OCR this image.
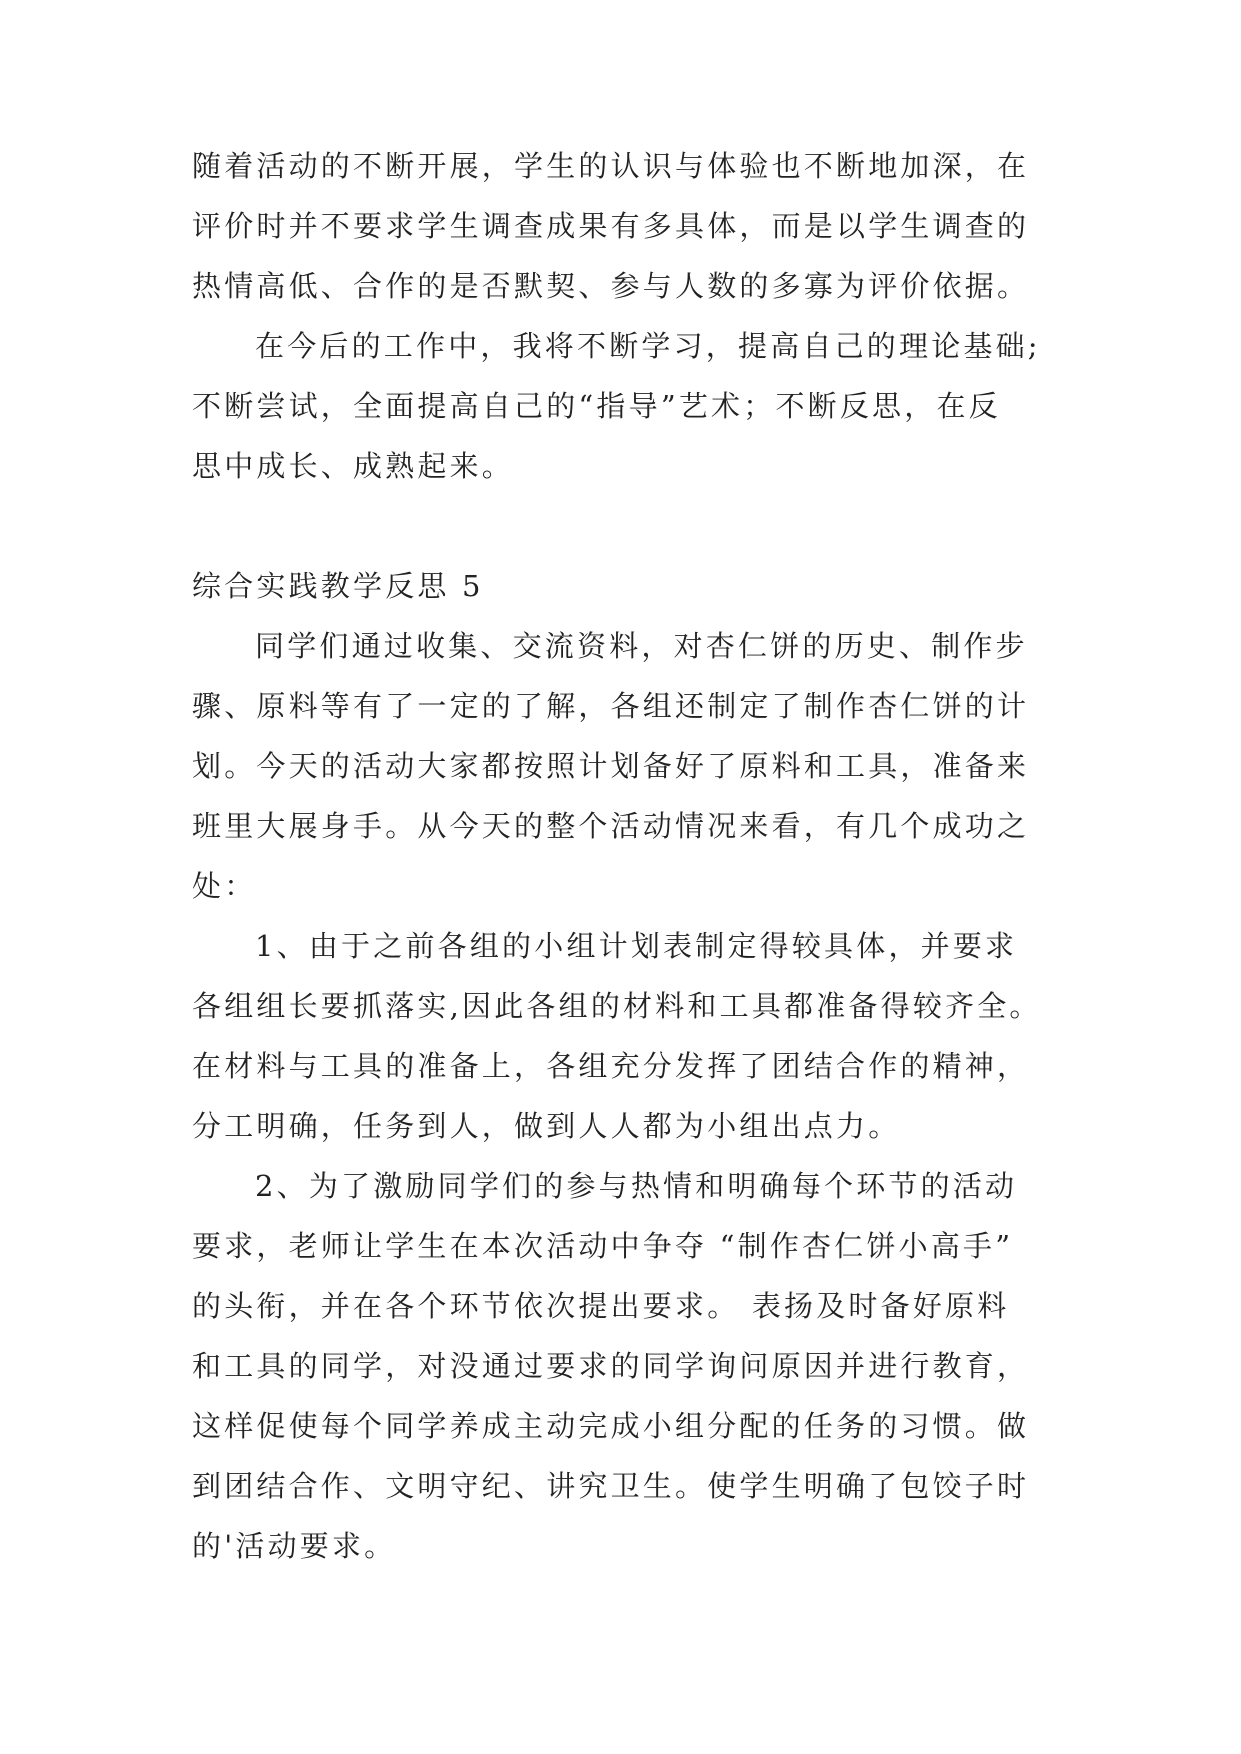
随着活动的不断开展，学生的认识与体验也不断地加深，在
评价时并不要求学生调查成果有多具体，而是以学生调查的
热情高低、合作的是否默契、参与人数的多寡为评价依据。
在今后的工作中，我将不断学习，提高自己的理论基础;
不断尝试，全面提高自己的“指导”艺术；不断反思，在反
思中成长、成熟起来。
综合实践教学反思 5
同学们通过收集、交流资料，对杏仁饼的历史、制作步
骤、原料等有了一定的了解，各组还制定了制作杏仁饼的计
划。今天的活动大家都按照计划备好了原料和工具，准备来
班里大展身手。从今天的整个活动情况来看，有几个成功之
处：
1、由于之前各组的小组计划表制定得较具体，并要求
各组组长要抓落实,因此各组的材料和工具都准备得较齐全。
在材料与工具的准备上，各组充分发挥了团结合作的精神，
分工明确，任务到人，做到人人都为小组出点力。
2、为了激励同学们的参与热情和明确每个环节的活动
要求，老师让学生在本次活动中争夺 “制作杏仁饼小高手”
的头衔，并在各个环节依次提出要求。 表扬及时备好原料
和工具的同学，对没通过要求的同学询问原因并进行教育，
这样促使每个同学养成主动完成小组分配的任务的习惯。做
到团结合作、文明守纪、讲究卫生。使学生明确了包饺子时
的'活动要求。
